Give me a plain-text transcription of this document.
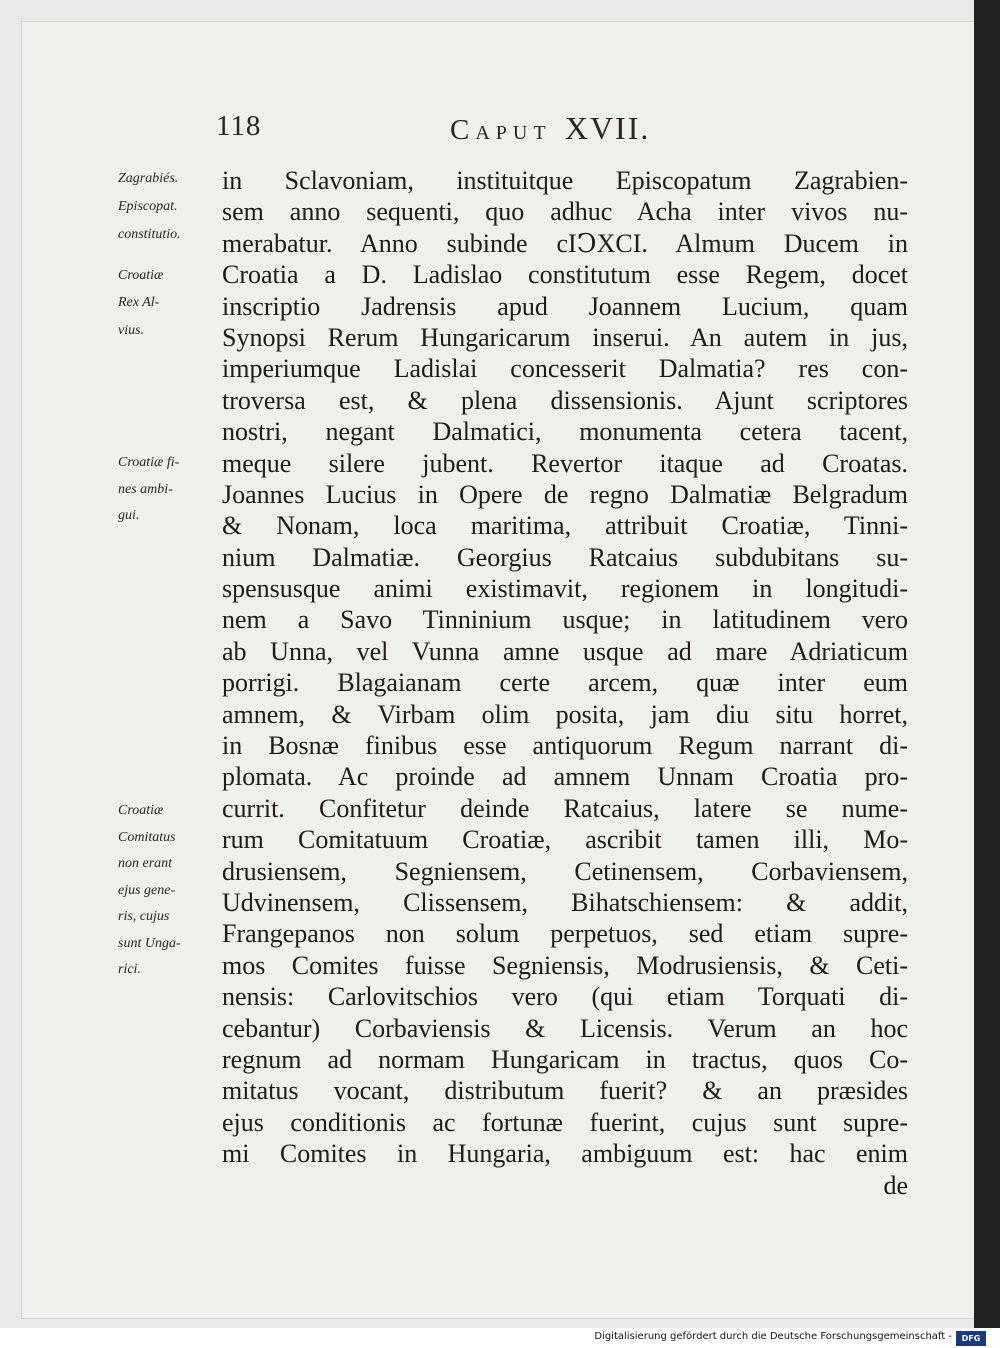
118	Caput XVII.
Zagrabiés.
Episcopat.
constitutio.
Croatiæ
Rex Al-
vius.
Croatiæ fi-
nes ambi-
gui.
Croatiæ
Comitatus
non erant
ejus gene-
ris, cujus
sunt Unga-
rici.
in Sclavoniam, instituitque Episcopatum Zagrabien-
sem anno sequenti, quo adhuc Acha inter vivos nu-
merabatur. Anno subinde cIↃXCI. Almum Ducem in
Croatia a D. Ladislao constitutum esse Regem, docet
inscriptio Jadrensis apud Joannem Lucium, quam
Synopsi Rerum Hungaricarum inserui. An autem in jus,
imperiumque Ladislai concesserit Dalmatia? res con-
troversa est, & plena dissensionis. Ajunt scriptores
nostri, negant Dalmatici, monumenta cetera tacent,
meque silere jubent. Revertor itaque ad Croatas.
Joannes Lucius in Opere de regno Dalmatiæ Belgradum
& Nonam, loca maritima, attribuit Croatiæ, Tinni-
nium Dalmatiæ. Georgius Ratcaius subdubitans su-
spensusque animi existimavit, regionem in longitudi-
nem a Savo Tinninium usque; in latitudinem vero
ab Unna, vel Vunna amne usque ad mare Adriaticum
porrigi. Blagaianam certe arcem, quæ inter eum
amnem, & Virbam olim posita, jam diu situ horret,
in Bosnæ finibus esse antiquorum Regum narrant di-
plomata. Ac proinde ad amnem Unnam Croatia pro-
currit. Confitetur deinde Ratcaius, latere se nume-
rum Comitatuum Croatiæ, ascribit tamen illi, Mo-
drusiensem, Segniensem, Cetinensem, Corbaviensem,
Udvinensem, Clissensem, Bihatschiensem: & addit,
Frangepanos non solum perpetuos, sed etiam supre-
mos Comites fuisse Segniensis, Modrusiensis, & Ceti-
nensis: Carlovitschios vero (qui etiam Torquati di-
cebantur) Corbaviensis & Licensis. Verum an hoc
regnum ad normam Hungaricam in tractus, quos Co-
mitatus vocant, distributum fuerit? & an præsides
ejus conditionis ac fortunæ fuerint, cujus sunt supre-
mi Comites in Hungaria, ambiguum est: hac enim
de
Digitalisierung gefördert durch die Deutsche Forschungsgemeinschaft -	DFG
